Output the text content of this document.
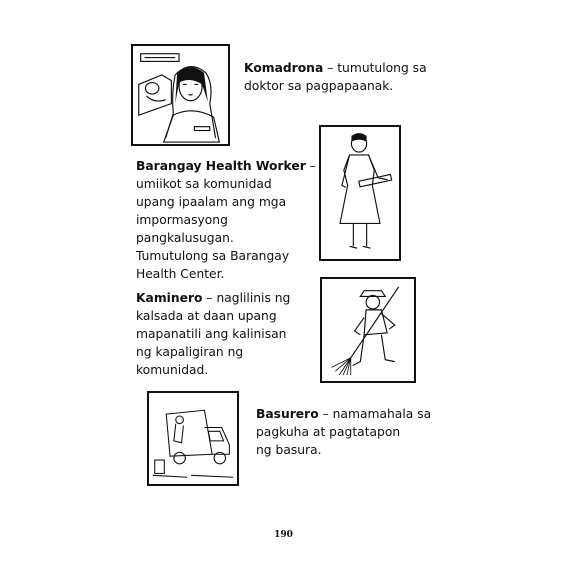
Komadrona – tumutulong sa
doktor sa pagpapaanak.
Barangay Health Worker –
umiikot sa komunidad
upang ipaalam ang mga
impormasyong
pangkalusugan.
Tumutulong sa Barangay
Health Center.
Kaminero – naglilinis ng
kalsada at daan upang
mapanatili ang kalinisan
ng kapaligiran ng
komunidad.
Basurero – namamahala sa
pagkuha at pagtatapon
ng basura.
190
